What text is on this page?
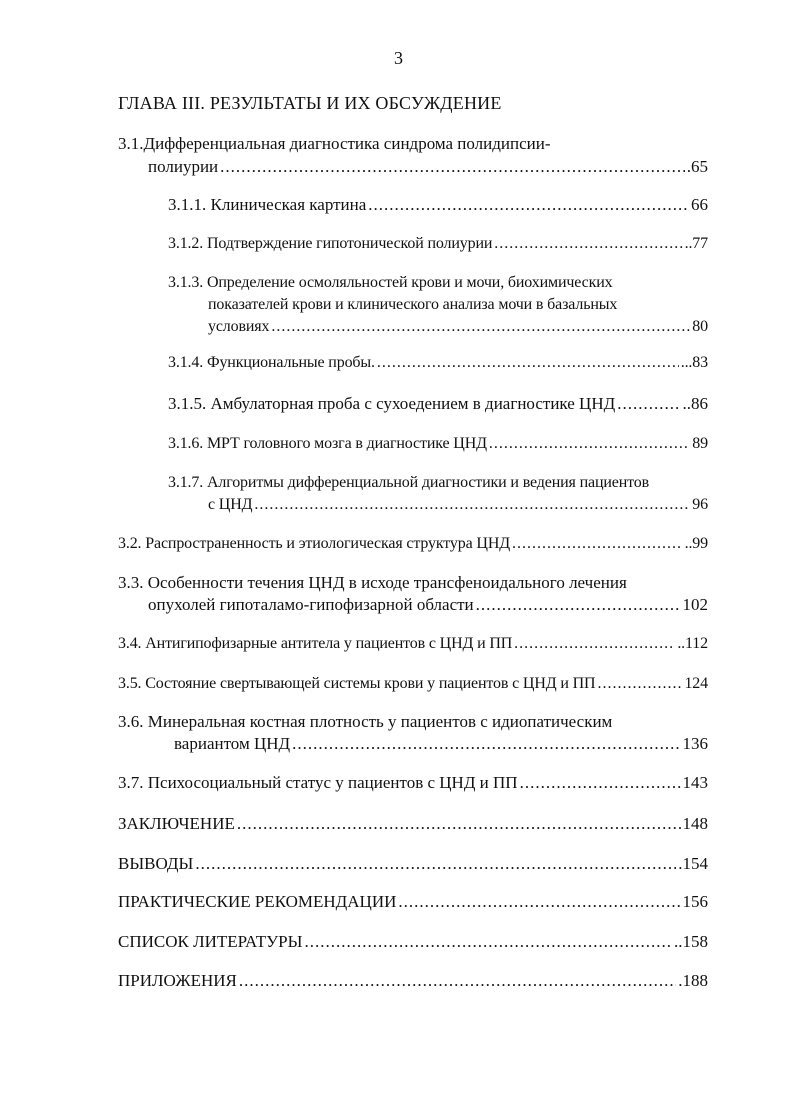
3
ГЛАВА III. РЕЗУЛЬТАТЫ И ИХ ОБСУЖДЕНИЕ
3.1.Дифференциальная диагностика синдрома полидипсии-
полиурии .....	.65
3.1.1. Клиническая картина .....	66
3.1.2. Подтверждение гипотонической полиурии .....	..77
3.1.3. Определение осмоляльностей крови и мочи, биохимических
показателей крови и клинического анализа мочи в базальных
условиях .....	80
3.1.4. Функциональные пробы. .....	...83
3.1.5. Амбулаторная проба с сухоедением в диагностике ЦНД .....	..86
3.1.6. МРТ головного мозга в диагностике ЦНД .....	89
3.1.7. Алгоритмы дифференциальной диагностики и ведения пациентов
с ЦНД .....	96
3.2. Распространенность и этиологическая структура ЦНД .....	..99
3.3. Особенности течения ЦНД в исходе трансфеноидального лечения
опухолей гипоталамо-гипофизарной области .....	102
3.4. Антигипофизарные антитела у пациентов с ЦНД и ПП .....	..112
3.5. Состояние свертывающей системы крови у пациентов с ЦНД и ПП .....	124
3.6. Минеральная костная плотность у пациентов с идиопатическим
вариантом ЦНД .....	136
3.7. Психосоциальный статус у пациентов с ЦНД и ПП .....	143
ЗАКЛЮЧЕНИЕ .....	148
ВЫВОДЫ .....	.154
ПРАКТИЧЕСКИЕ РЕКОМЕНДАЦИИ .....	156
СПИСОК ЛИТЕРАТУРЫ .....	..158
ПРИЛОЖЕНИЯ .....	.188
